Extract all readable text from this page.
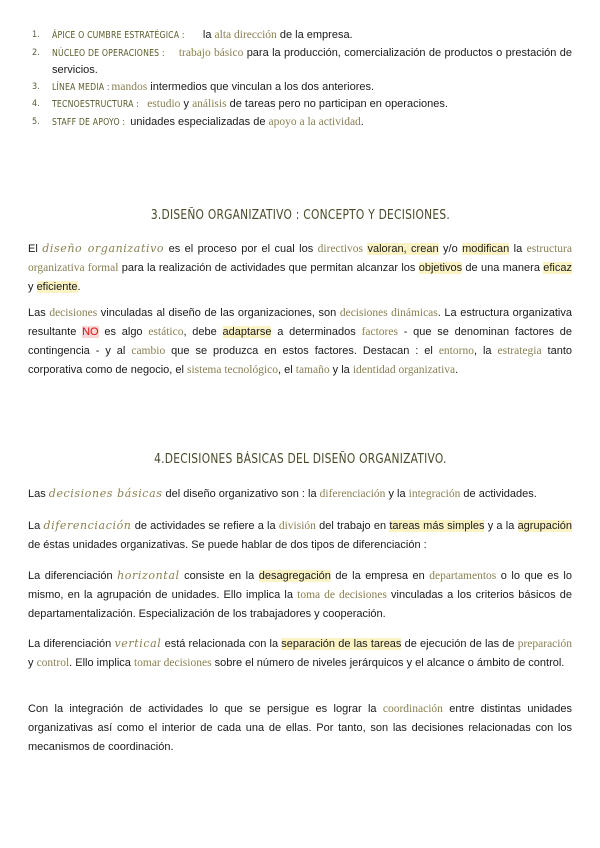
1.	ÁPICE O CUMBRE ESTRATÉGICA : la alta dirección de la empresa.
2.	NÚCLEO DE OPERACIONES : trabajo básico para la producción, comercialización de productos o prestación de servicios.
3.	LÍNEA MEDIA : mandos intermedios que vinculan a los dos anteriores.
4.	TECNOESTRUCTURA : estudio y análisis de tareas pero no participan en operaciones.
5.	STAFF DE APOYO : unidades especializadas de apoyo a la actividad.
3.DISEÑO ORGANIZATIVO : CONCEPTO Y DECISIONES.

El diseño organizativo es el proceso por el cual los directivos valoran, crean y/o modifican la estructura organizativa formal para la realización de actividades que permitan alcanzar los objetivos de una manera eficaz y eficiente.

Las decisiones vinculadas al diseño de las organizaciones, son decisiones dinámicas. La estructura organizativa resultante NO es algo estático, debe adaptarse a determinados factores - que se denominan factores de contingencia - y al cambio que se produzca en estos factores. Destacan : el entorno, la estrategia tanto corporativa como de negocio, el sistema tecnológico, el tamaño y la identidad organizativa.

4.DECISIONES BÁSICAS DEL DISEÑO ORGANIZATIVO.

Las decisiones básicas del diseño organizativo son : la diferenciación y la integración de actividades.

La diferenciación de actividades se refiere a la división del trabajo en tareas más simples y a la agrupación de éstas unidades organizativas. Se puede hablar de dos tipos de diferenciación :

La diferenciación horizontal consiste en la desagregación de la empresa en departamentos o lo que es lo mismo, en la agrupación de unidades. Ello implica la toma de decisiones vinculadas a los criterios básicos de departamentalización. Especialización de los trabajadores y cooperación.

La diferenciación vertical está relacionada con la separación de las tareas de ejecución de las de preparación y control. Ello implica tomar decisiones sobre el número de niveles jerárquicos y el alcance o ámbito de control.

Con la integración de actividades lo que se persigue es lograr la coordinación entre distintas unidades organizativas así como el interior de cada una de ellas. Por tanto, son las decisiones relacionadas con los mecanismos de coordinación.
